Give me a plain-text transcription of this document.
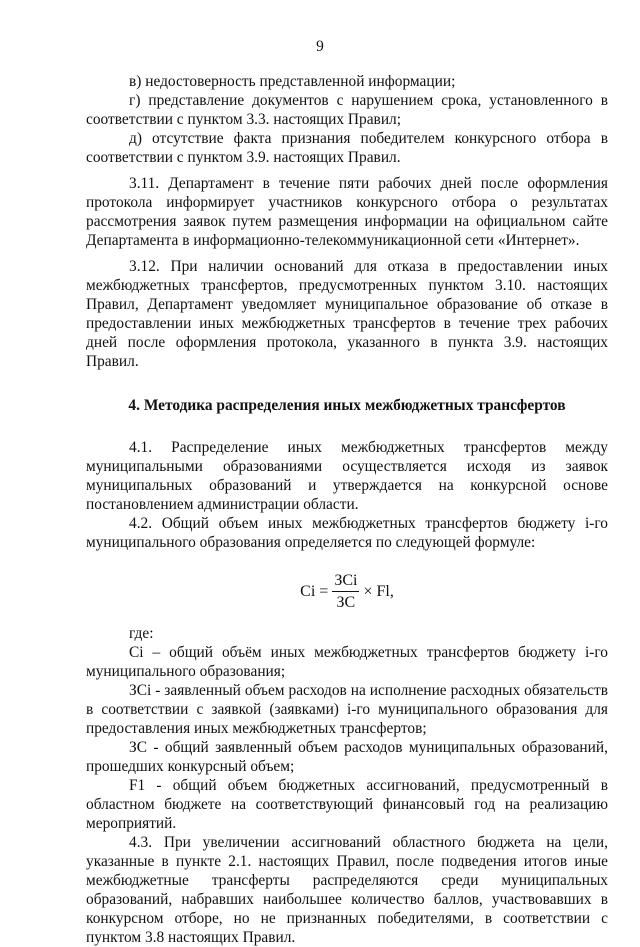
9

в) недостоверность представленной информации;

г) представление документов с нарушением срока, установленного в соответствии с пунктом 3.3. настоящих Правил;

д) отсутствие факта признания победителем конкурсного отбора в соответствии с пунктом 3.9. настоящих Правил.

3.11. Департамент в течение пяти рабочих дней после оформления протокола информирует участников конкурсного отбора о результатах рассмотрения заявок путем размещения информации на официальном сайте Департамента в информационно-телекоммуникационной сети «Интернет».

3.12. При наличии оснований для отказа в предоставлении иных межбюджетных трансфертов, предусмотренных пунктом 3.10. настоящих Правил, Департамент уведомляет муниципальное образование об отказе в предоставлении иных межбюджетных трансфертов в течение трех рабочих дней после оформления протокола, указанного в пункта 3.9. настоящих Правил.

4. Методика распределения иных межбюджетных трансфертов

4.1. Распределение иных межбюджетных трансфертов между муниципальными образованиями осуществляется исходя из заявок муниципальных образований и утверждается на конкурсной основе постановлением администрации области.

4.2. Общий объем иных межбюджетных трансфертов бюджету i-го муниципального образования определяется по следующей формуле:

$Ci = \frac{\text{ЗCi}}{ЗС} \times Fl$,

где:

Ci – общий объём иных межбюджетных трансфертов бюджету i-го муниципального образования;

ЗСi - заявленный объем расходов на исполнение расходных обязательств в соответствии с заявкой (заявками) i-го муниципального образования для предоставления иных межбюджетных трансфертов;

ЗС - общий заявленный объем расходов муниципальных образований, прошедших конкурсный объем;

F1 - общий объем бюджетных ассигнований, предусмотренный в областном бюджете на соответствующий финансовый год на реализацию мероприятий.

4.3. При увеличении ассигнований областного бюджета на цели, указанные в пункте 2.1. настоящих Правил, после подведения итогов иные межбюджетные трансферты распределяются среди муниципальных образований, набравших наибольшее количество баллов, участвовавших в конкурсном отборе, но не признанных победителями, в соответствии с пунктом 3.8 настоящих Правил.
